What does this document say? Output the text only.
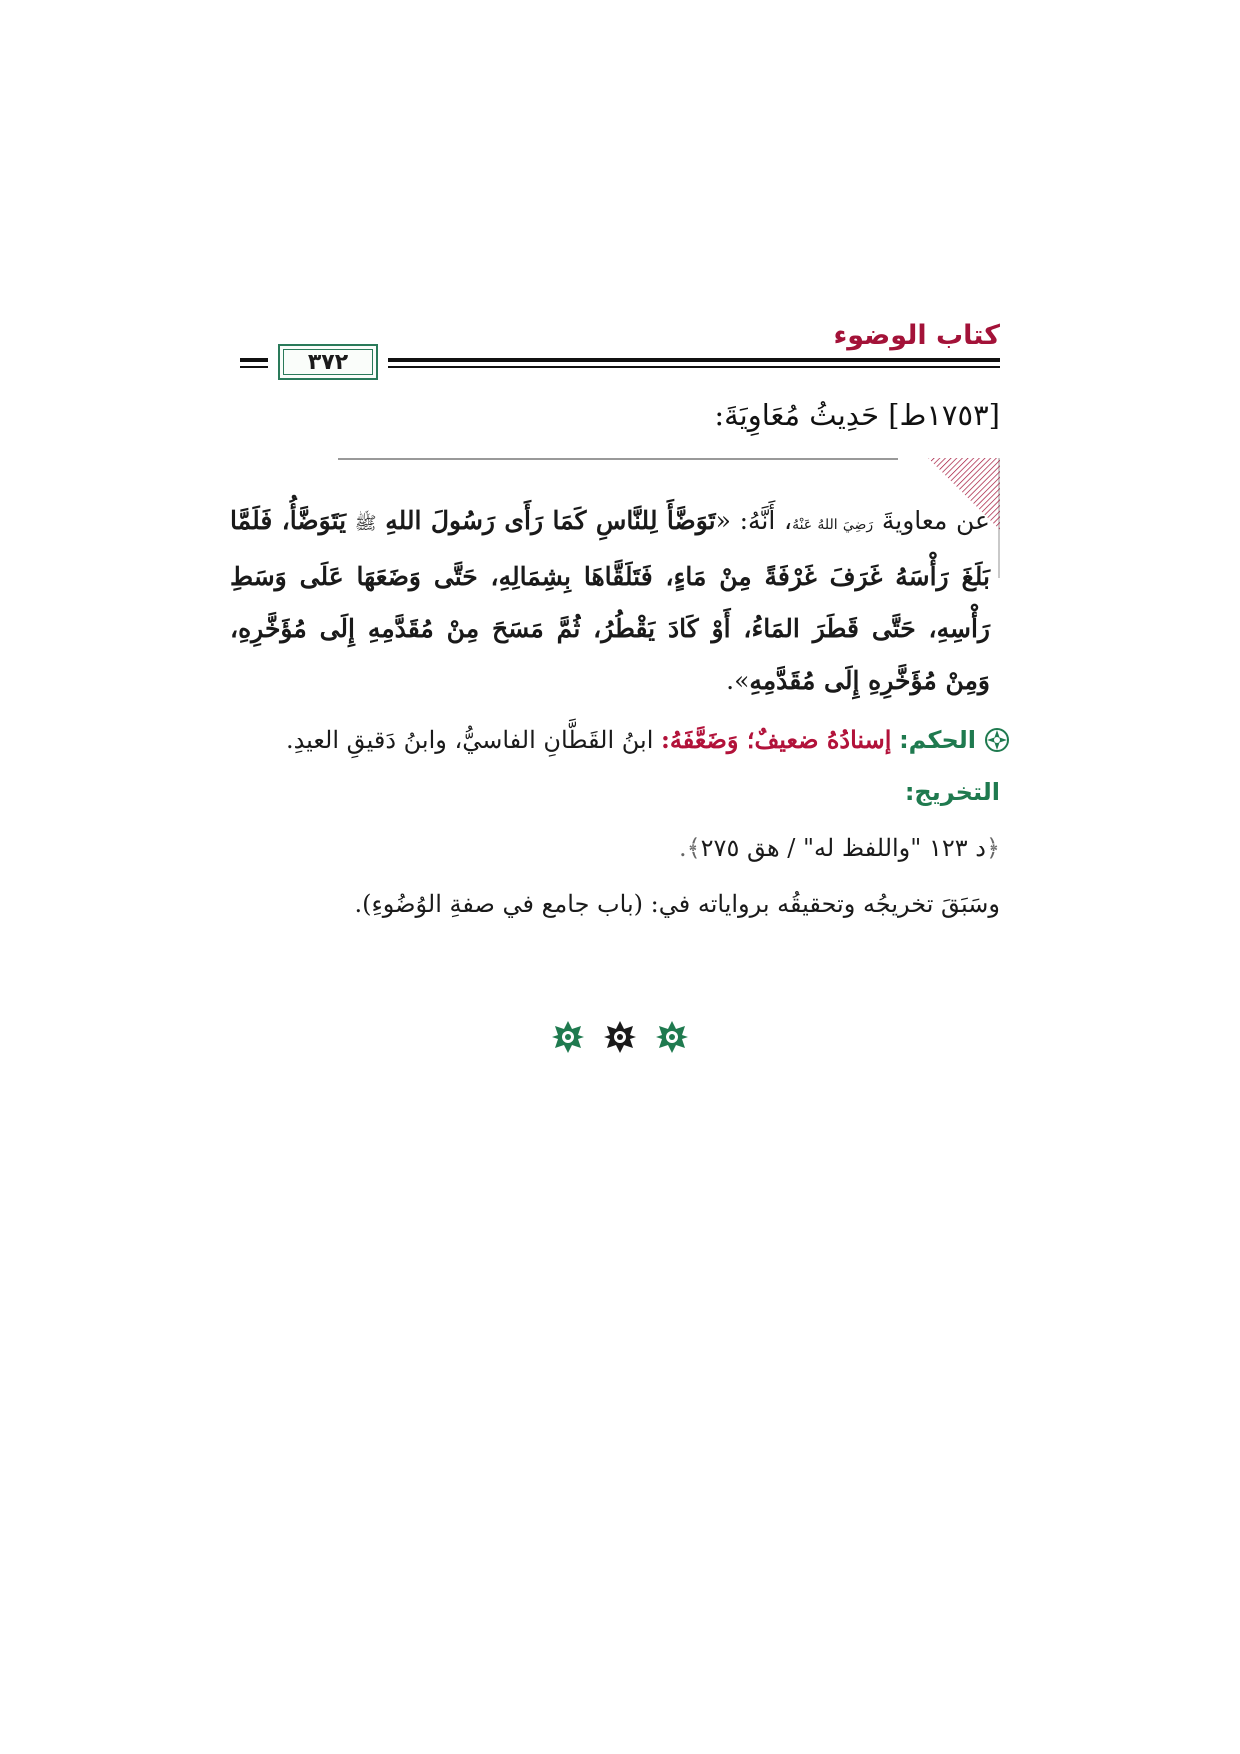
كتاب الوضوء
٣٧٢
[١٧٥٣ط] حَدِيثُ مُعَاوِيَةَ:

عن معاويةَ رَضِيَ اللهُ عَنْهُ، أَنَّهُ: «تَوَضَّأَ لِلنَّاسِ كَمَا رَأَى رَسُولَ اللهِ ﷺ يَتَوَضَّأُ، فَلَمَّا بَلَغَ رَأْسَهُ غَرَفَ غَرْفَةً مِنْ مَاءٍ، فَتَلَقَّاهَا بِشِمَالِهِ، حَتَّى وَضَعَهَا عَلَى وَسَطِ رَأْسِهِ، حَتَّى قَطَرَ المَاءُ، أَوْ كَادَ يَقْطُرُ، ثُمَّ مَسَحَ مِنْ مُقَدَّمِهِ إِلَى مُؤَخَّرِهِ، وَمِنْ مُؤَخَّرِهِ إِلَى مُقَدَّمِهِ».

الحكم: إسنادُهُ ضعيفٌ؛ وَضَعَّفَهُ: ابنُ القَطَّانِ الفاسيُّ، وابنُ دَقيقِ العيدِ.
التخريج:
﴿د ١٢٣ "واللفظ له" / هق ٢٧٥﴾.
وسَبَقَ تخريجُه وتحقيقُه برواياته في: (باب جامع في صفةِ الوُضُوءِ).
